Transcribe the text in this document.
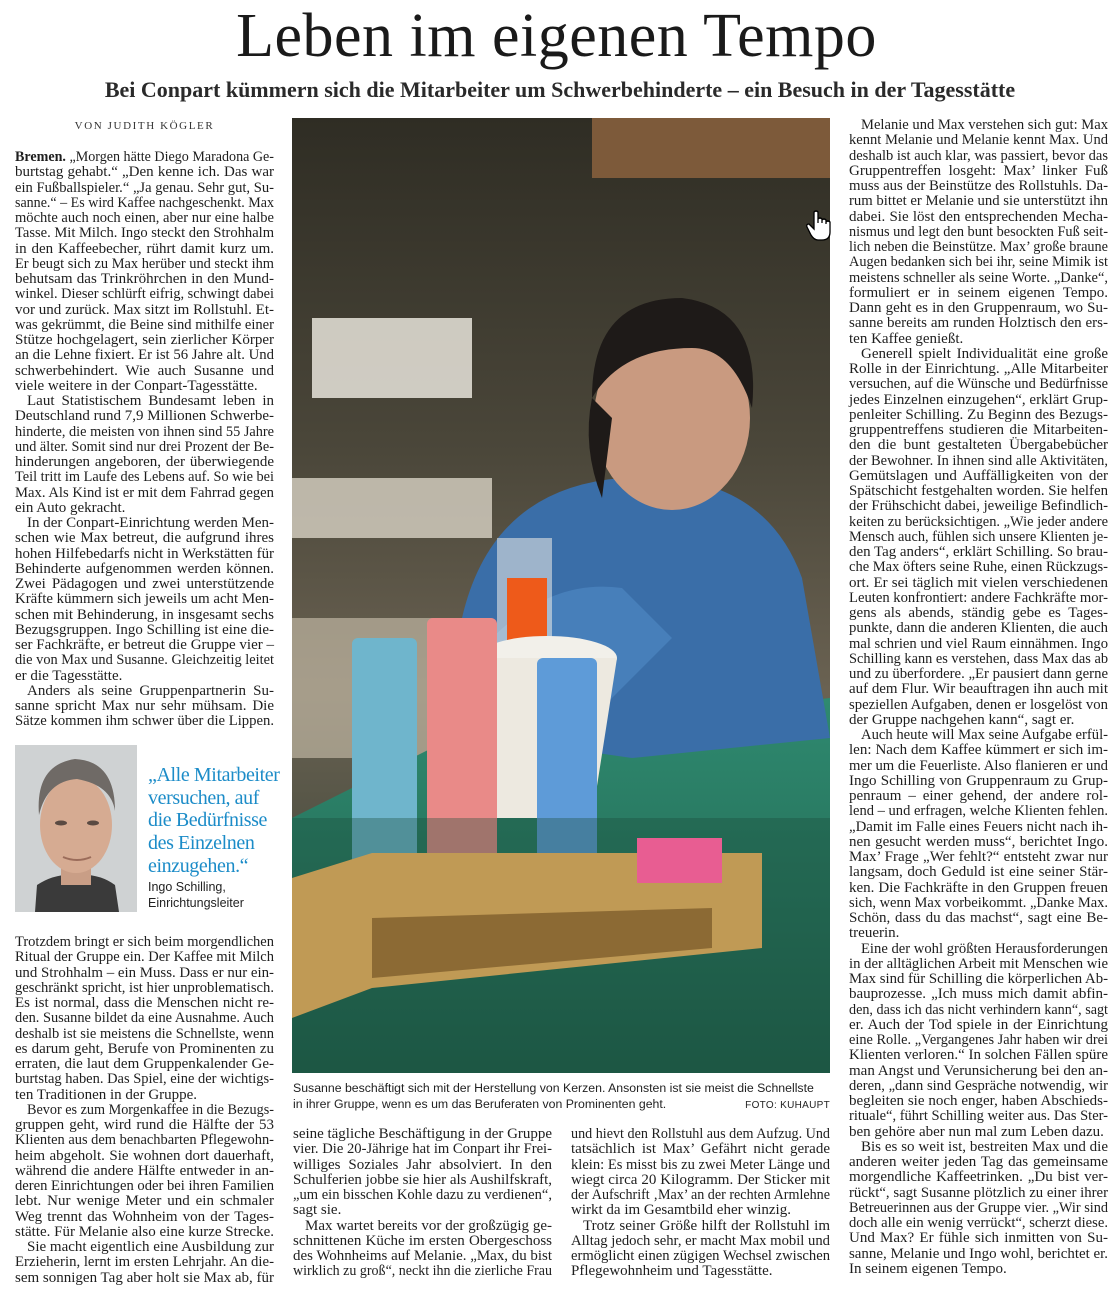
Leben im eigenen Tempo
Bei Conpart kümmern sich die Mitarbeiter um Schwerbehinderte – ein Besuch in der Tagesstätte
VON JUDITH KÖGLER
Bremen. „Morgen hätte Diego Maradona Ge-
burtstag gehabt.“ „Den kenne ich. Das war
ein Fußballspieler.“ „Ja genau. Sehr gut, Su-
sanne.“ – Es wird Kaffee nachgeschenkt. Max
möchte auch noch einen, aber nur eine halbe
Tasse. Mit Milch. Ingo steckt den Strohhalm
in den Kaffeebecher, rührt damit kurz um.
Er beugt sich zu Max herüber und steckt ihm
behutsam das Trinkröhrchen in den Mund-
winkel. Dieser schlürft eifrig, schwingt dabei
vor und zurück. Max sitzt im Rollstuhl. Et-
was gekrümmt, die Beine sind mithilfe einer
Stütze hochgelagert, sein zierlicher Körper
an die Lehne fixiert. Er ist 56 Jahre alt. Und
schwerbehindert. Wie auch Susanne und
viele weitere in der Conpart-Tagesstätte.
Laut Statistischem Bundesamt leben in
Deutschland rund 7,9 Millionen Schwerbe-
hinderte, die meisten von ihnen sind 55 Jahre
und älter. Somit sind nur drei Prozent der Be-
hinderungen angeboren, der überwiegende
Teil tritt im Laufe des Lebens auf. So wie bei
Max. Als Kind ist er mit dem Fahrrad gegen
ein Auto gekracht.
In der Conpart-Einrichtung werden Men-
schen wie Max betreut, die aufgrund ihres
hohen Hilfebedarfs nicht in Werkstätten für
Behinderte aufgenommen werden können.
Zwei Pädagogen und zwei unterstützende
Kräfte kümmern sich jeweils um acht Men-
schen mit Behinderung, in insgesamt sechs
Bezugsgruppen. Ingo Schilling ist eine die-
ser Fachkräfte, er betreut die Gruppe vier –
die von Max und Susanne. Gleichzeitig leitet
er die Tagesstätte.
Anders als seine Gruppenpartnerin Su-
sanne spricht Max nur sehr mühsam. Die
Sätze kommen ihm schwer über die Lippen.
„Alle Mitarbeiter
versuchen, auf
die Bedürfnisse
des Einzelnen
einzugehen.“
Ingo Schilling,
Einrichtungsleiter
Trotzdem bringt er sich beim morgendlichen
Ritual der Gruppe ein. Der Kaffee mit Milch
und Strohhalm – ein Muss. Dass er nur ein-
geschränkt spricht, ist hier unproblematisch.
Es ist normal, dass die Menschen nicht re-
den. Susanne bildet da eine Ausnahme. Auch
deshalb ist sie meistens die Schnellste, wenn
es darum geht, Berufe von Prominenten zu
erraten, die laut dem Gruppenkalender Ge-
burtstag haben. Das Spiel, eine der wichtigs-
ten Traditionen in der Gruppe.
Bevor es zum Morgenkaffee in die Bezugs-
gruppen geht, wird rund die Hälfte der 53
Klienten aus dem benachbarten Pflegewohn-
heim abgeholt. Sie wohnen dort dauerhaft,
während die andere Hälfte entweder in an-
deren Einrichtungen oder bei ihren Familien
lebt. Nur wenige Meter und ein schmaler
Weg trennt das Wohnheim von der Tages-
stätte. Für Melanie also eine kurze Strecke.
Sie macht eigentlich eine Ausbildung zur
Erzieherin, lernt im ersten Lehrjahr. An die-
sem sonnigen Tag aber holt sie Max ab, für
Susanne beschäftigt sich mit der Herstellung von Kerzen. Ansonsten ist sie meist die Schnellste
in ihrer Gruppe, wenn es um das Beruferaten von Prominenten geht.	FOTO: KUHAUPT
seine tägliche Beschäftigung in der Gruppe
vier. Die 20-Jährige hat im Conpart ihr Frei-
williges Soziales Jahr absolviert. In den
Schulferien jobbe sie hier als Aushilfskraft,
„um ein bisschen Kohle dazu zu verdienen“,
sagt sie.
Max wartet bereits vor der großzügig ge-
schnittenen Küche im ersten Obergeschoss
des Wohnheims auf Melanie. „Max, du bist
wirklich zu groß“, neckt ihn die zierliche Frau
und hievt den Rollstuhl aus dem Aufzug. Und
tatsächlich ist Max’ Gefährt nicht gerade
klein: Es misst bis zu zwei Meter Länge und
wiegt circa 20 Kilogramm. Der Sticker mit
der Aufschrift ‚Max’ an der rechten Armlehne
wirkt da im Gesamtbild eher winzig.
Trotz seiner Größe hilft der Rollstuhl im
Alltag jedoch sehr, er macht Max mobil und
ermöglicht einen zügigen Wechsel zwischen
Pflegewohnheim und Tagesstätte.
Melanie und Max verstehen sich gut: Max
kennt Melanie und Melanie kennt Max. Und
deshalb ist auch klar, was passiert, bevor das
Gruppentreffen losgeht: Max’ linker Fuß
muss aus der Beinstütze des Rollstuhls. Da-
rum bittet er Melanie und sie unterstützt ihn
dabei. Sie löst den entsprechenden Mecha-
nismus und legt den bunt besockten Fuß seit-
lich neben die Beinstütze. Max’ große braune
Augen bedanken sich bei ihr, seine Mimik ist
meistens schneller als seine Worte. „Danke“,
formuliert er in seinem eigenen Tempo.
Dann geht es in den Gruppenraum, wo Su-
sanne bereits am runden Holztisch den ers-
ten Kaffee genießt.
Generell spielt Individualität eine große
Rolle in der Einrichtung. „Alle Mitarbeiter
versuchen, auf die Wünsche und Bedürfnisse
jedes Einzelnen einzugehen“, erklärt Grup-
penleiter Schilling. Zu Beginn des Bezugs-
gruppentreffens studieren die Mitarbeiten-
den die bunt gestalteten Übergabebücher
der Bewohner. In ihnen sind alle Aktivitäten,
Gemütslagen und Auffälligkeiten von der
Spätschicht festgehalten worden. Sie helfen
der Frühschicht dabei, jeweilige Befindlich-
keiten zu berücksichtigen. „Wie jeder andere
Mensch auch, fühlen sich unsere Klienten je-
den Tag anders“, erklärt Schilling. So brau-
che Max öfters seine Ruhe, einen Rückzugs-
ort. Er sei täglich mit vielen verschiedenen
Leuten konfrontiert: andere Fachkräfte mor-
gens als abends, ständig gebe es Tages-
punkte, dann die anderen Klienten, die auch
mal schrien und viel Raum einnähmen. Ingo
Schilling kann es verstehen, dass Max das ab
und zu überfordere. „Er pausiert dann gerne
auf dem Flur. Wir beauftragen ihn auch mit
speziellen Aufgaben, denen er losgelöst von
der Gruppe nachgehen kann“, sagt er.
Auch heute will Max seine Aufgabe erfül-
len: Nach dem Kaffee kümmert er sich im-
mer um die Feuerliste. Also flanieren er und
Ingo Schilling von Gruppenraum zu Grup-
penraum – einer gehend, der andere rol-
lend – und erfragen, welche Klienten fehlen.
„Damit im Falle eines Feuers nicht nach ih-
nen gesucht werden muss“, berichtet Ingo.
Max’ Frage „Wer fehlt?“ entsteht zwar nur
langsam, doch Geduld ist eine seiner Stär-
ken. Die Fachkräfte in den Gruppen freuen
sich, wenn Max vorbeikommt. „Danke Max.
Schön, dass du das machst“, sagt eine Be-
treuerin.
Eine der wohl größten Herausforderungen
in der alltäglichen Arbeit mit Menschen wie
Max sind für Schilling die körperlichen Ab-
bauprozesse. „Ich muss mich damit abfin-
den, dass ich das nicht verhindern kann“, sagt
er. Auch der Tod spiele in der Einrichtung
eine Rolle. „Vergangenes Jahr haben wir drei
Klienten verloren.“ In solchen Fällen spüre
man Angst und Verunsicherung bei den an-
deren, „dann sind Gespräche notwendig, wir
begleiten sie noch enger, haben Abschieds-
rituale“, führt Schilling weiter aus. Das Ster-
ben gehöre aber nun mal zum Leben dazu.
Bis es so weit ist, bestreiten Max und die
anderen weiter jeden Tag das gemeinsame
morgendliche Kaffeetrinken. „Du bist ver-
rückt“, sagt Susanne plötzlich zu einer ihrer
Betreuerinnen aus der Gruppe vier. „Wir sind
doch alle ein wenig verrückt“, scherzt diese.
Und Max? Er fühle sich inmitten von Su-
sanne, Melanie und Ingo wohl, berichtet er.
In seinem eigenen Tempo.
